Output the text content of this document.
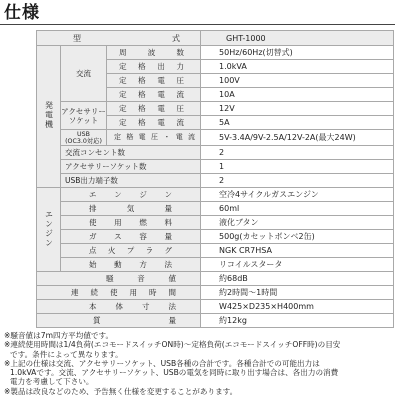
仕様
型 式			GHT-1000
発電機	交流	周 波 数	50Hz/60Hz(切替式)
		定 格 出 力	1.0kVA
		定 格 電 圧	100V
		定 格 電 流	10A

	アクセサリー
ソケット	定 格 電 圧	12V
		定 格 電 流	5A

	USB
(OC3.0対応)	定格電圧・電流	5V-3.4A/9V-2.5A/12V-2A(最大24W)
	交流コンセント数		2
	アクセサリーソケット数		1
	USB出力端子数		2
エンジン	エ ン ジ ン		空冷4サイクルガスエンジン
	排 気 量		60ml
	使 用 燃 料		液化ブタン
	ガ ス 容 量		500g(カセットボンベ2缶)
	点 火 プ ラ グ		NGK CR7HSA
	始 動 方 法		リコイルスタータ
騒 音 値			約68dB
連 続 使 用 時 間			約2時間〜1時間
本 体 寸 法			W425×D235×H400mm
質 量			約12kg
※騒音値は7m四方平均値です。
※連続使用時間は1/4負荷(エコモードスイッチON時)〜定格負荷(エコモードスイッチOFF時)の目安
です。条件によって異なります。
※上記の仕様は交流、アクセサリーソケット、USB各種の合計です。各種合計での可能出力は
1.0kVAです。交流、アクセサリーソケット、USBの電気を同時に取り出す場合は、各出力の消費
電力を考慮して下さい。
※製品は改良などのため、予告無く仕様を変更することがあります。
